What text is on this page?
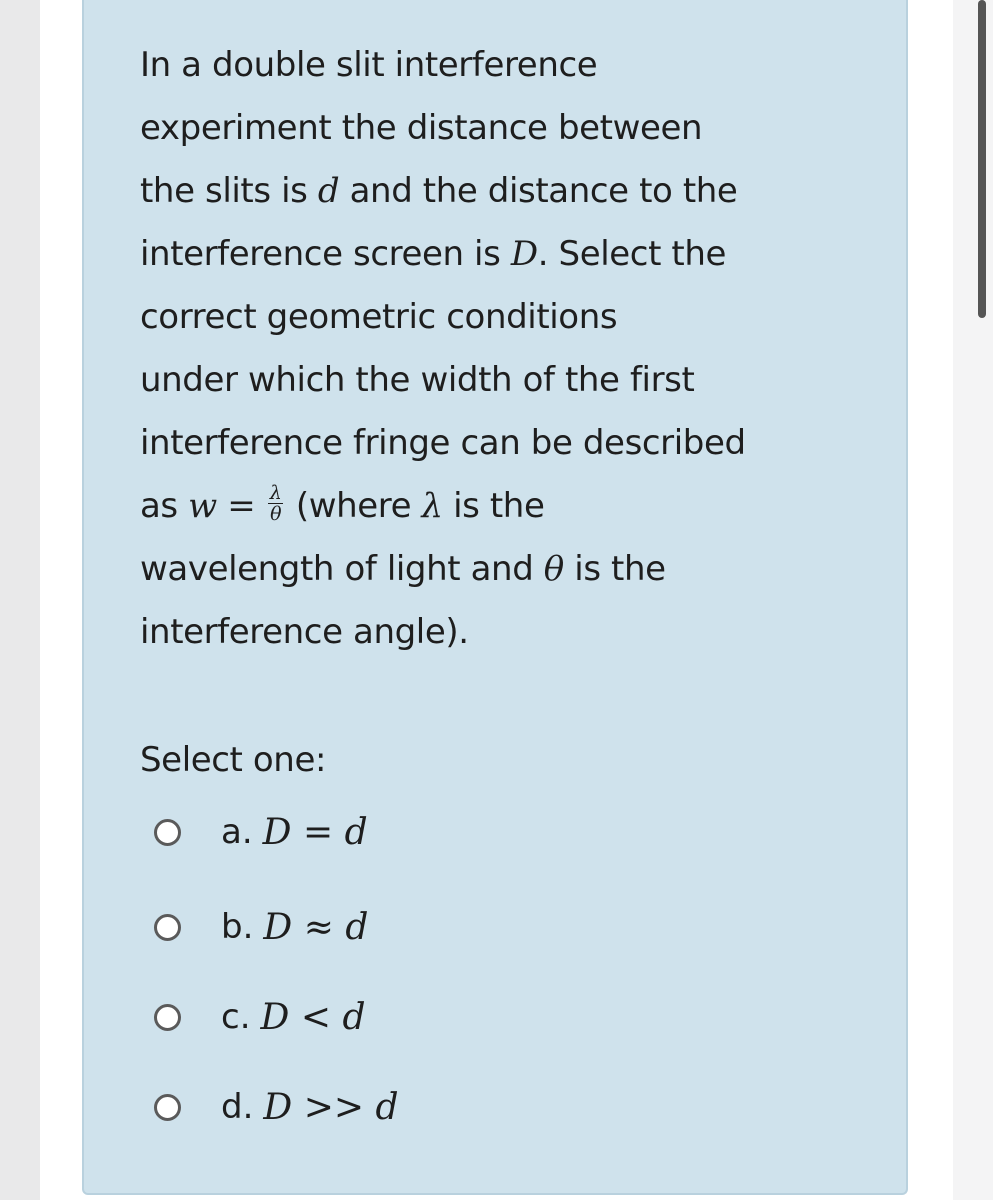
In a double slit interference
experiment the distance between
the slits is d and the distance to the
interference screen is D. Select the
correct geometric conditions
under which the width of the first
interference fringe can be described
as $w = \frac{\lambda}{\theta}$ (where λ is the
wavelength of light and θ is the
interference angle).
Select one:
a. D = d
b. D ≈ d
c. D < d
d. D >> d
